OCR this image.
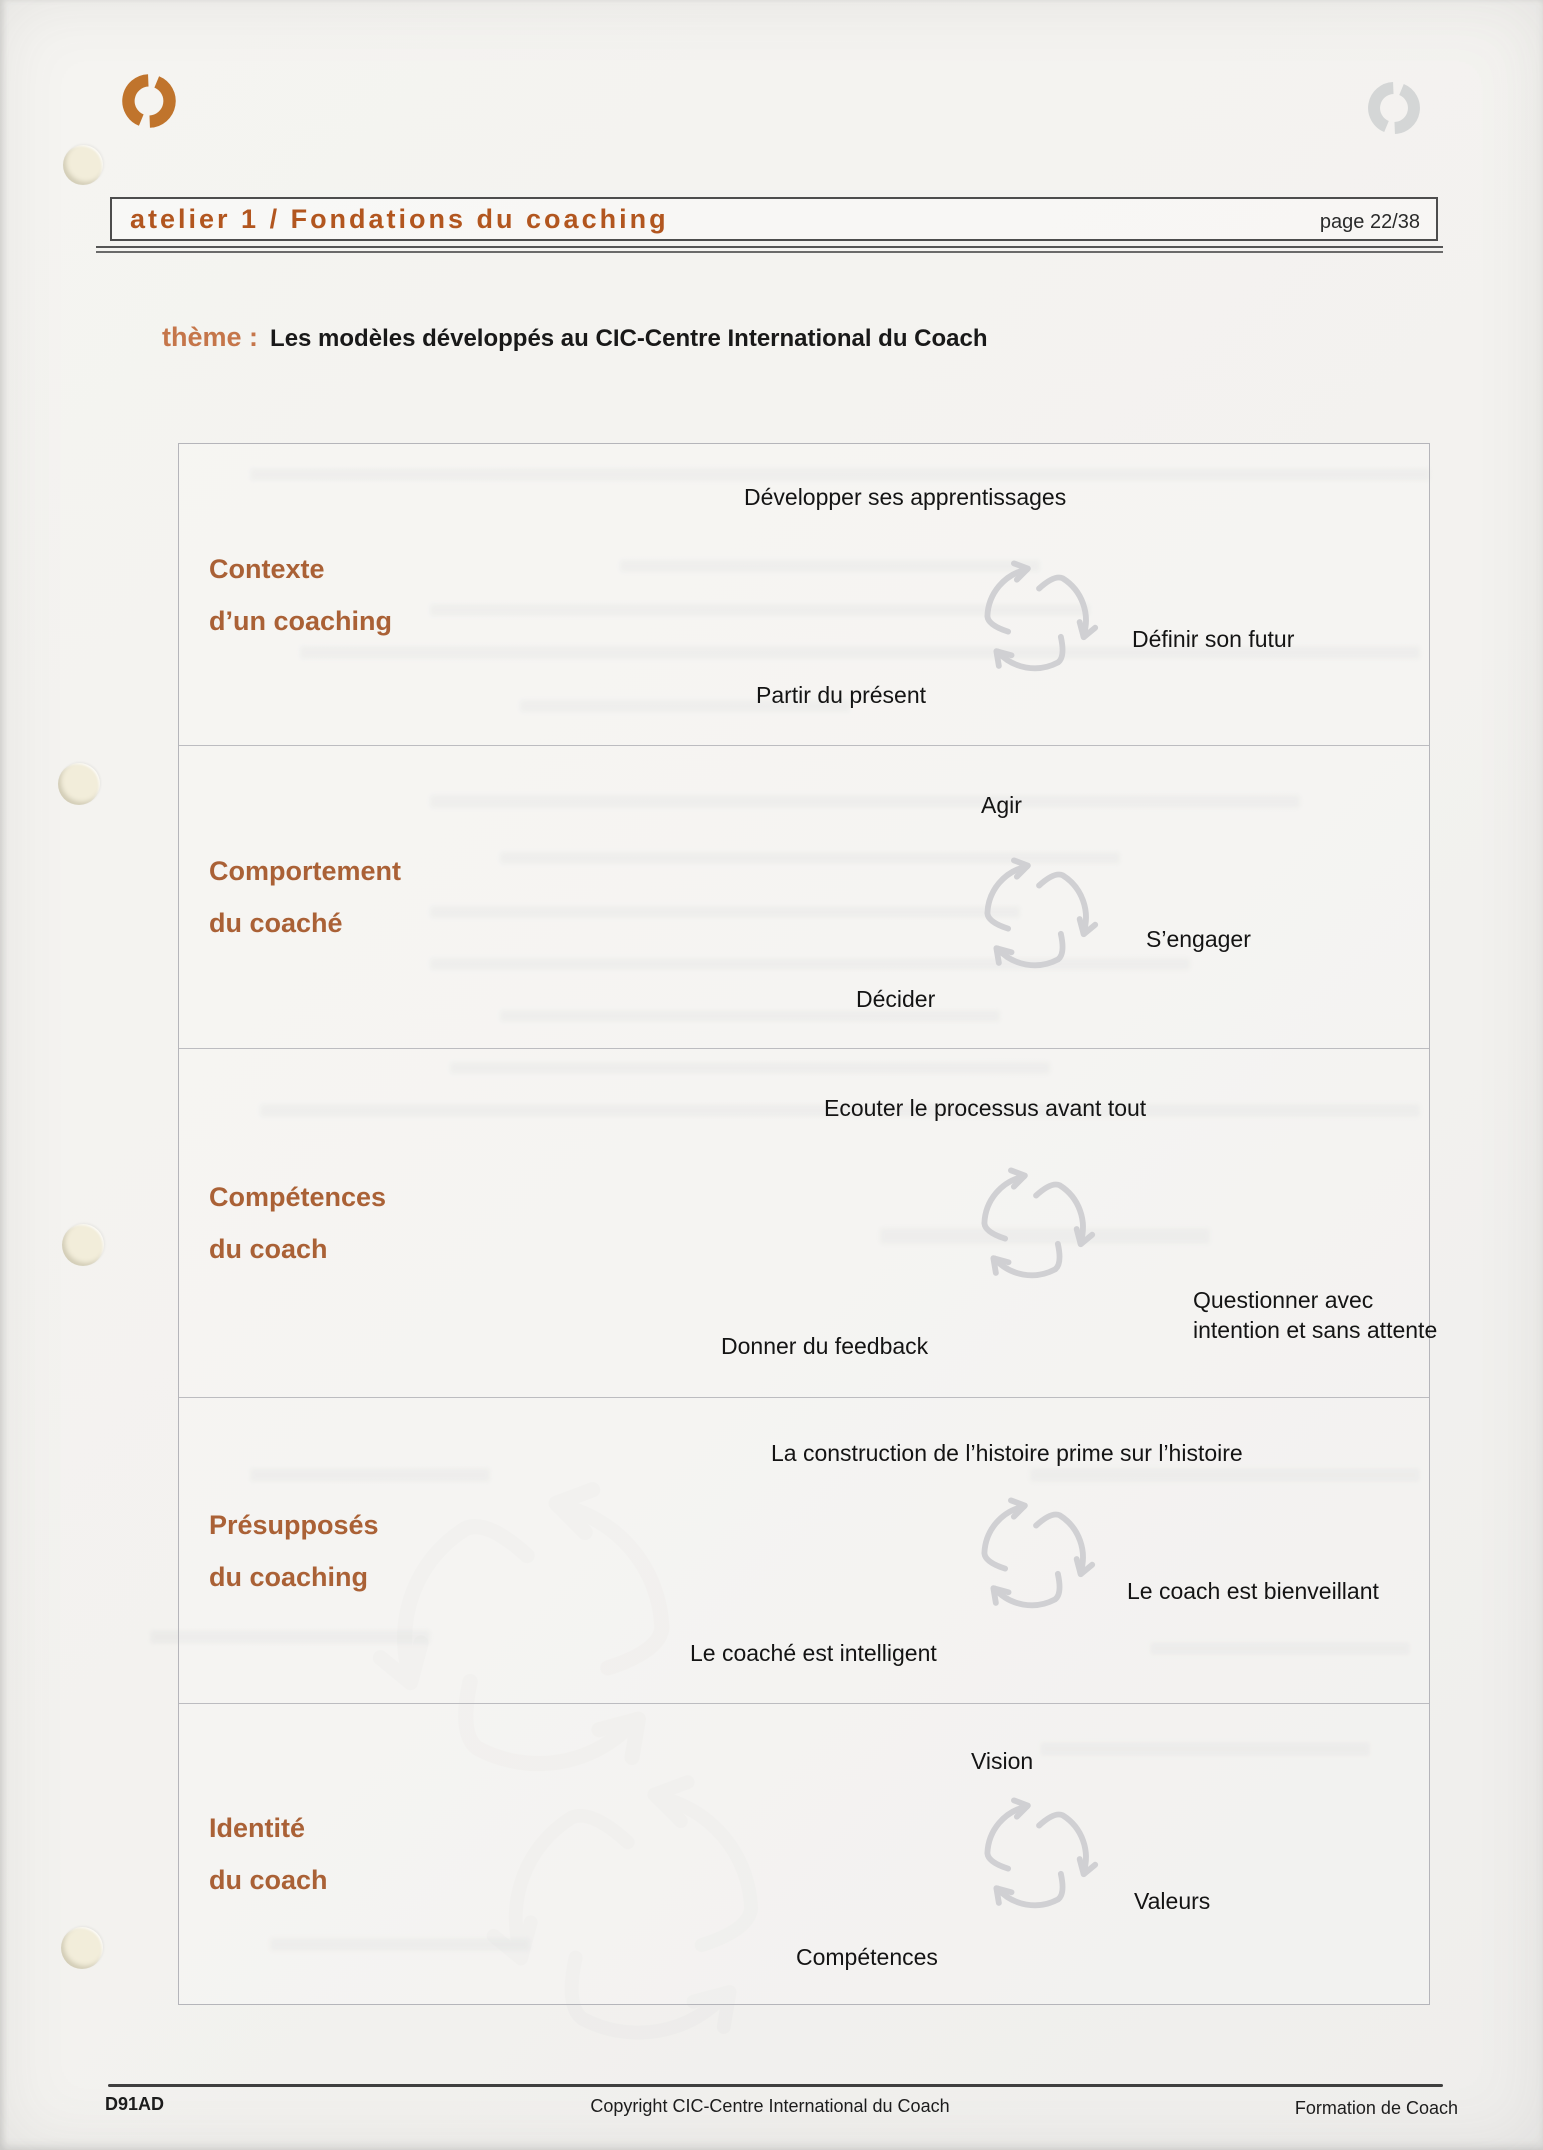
atelier 1 / Fondations du coaching	page 22/38
thème : Les modèles développés au CIC-Centre International du Coach
Contexte
d’un coaching
Développer ses apprentissages
Définir son futur
Partir du présent
Comportement
du coaché
Agir
S’engager
Décider
Compétences
du coach
Ecouter le processus avant tout
Questionner avec intention et sans attente
Donner du feedback
Présupposés
du coaching
La construction de l’histoire prime sur l’histoire
Le coach est bienveillant
Le coaché est intelligent
Identité
du coach
Vision
Valeurs
Compétences
D91AD	Copyright CIC-Centre International du Coach	Formation de Coach
